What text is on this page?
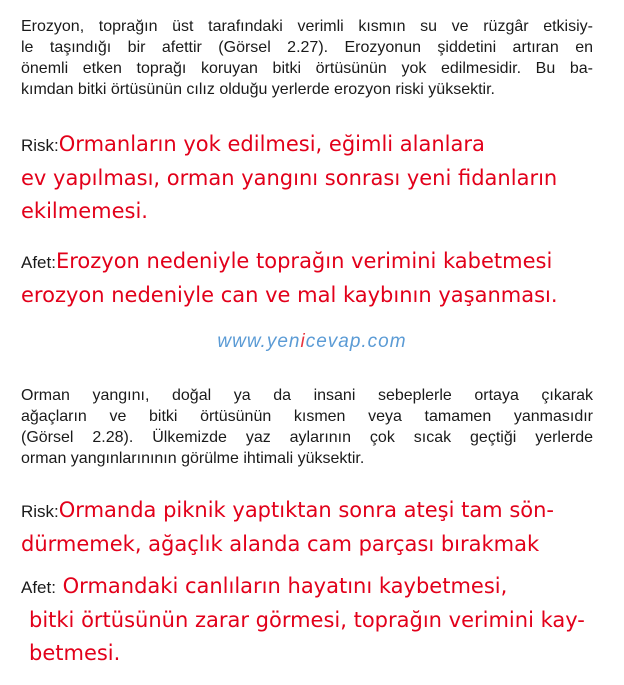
Erozyon, toprağın üst tarafındaki verimli kısmın su ve rüzgâr etkisiy-
le taşındığı bir afettir (Görsel 2.27). Erozyonun şiddetini artıran en
önemli etken toprağı koruyan bitki örtüsünün yok edilmesidir. Bu ba-
kımdan bitki örtüsünün cılız olduğu yerlerde erozyon riski yüksektir.
Risk:Ormanların yok edilmesi, eğimli alanlara
ev yapılması, orman yangını sonrası yeni fidanların
ekilmemesi.
Afet:Erozyon nedeniyle toprağın verimini kabetmesi
erozyon nedeniyle can ve mal kaybının yaşanması.
www.yenicevap.com
Orman yangını, doğal ya da insani sebeplerle ortaya çıkarak
ağaçların ve bitki örtüsünün kısmen veya tamamen yanmasıdır
(Görsel 2.28). Ülkemizde yaz aylarının çok sıcak geçtiği yerlerde
orman yangınlarınının görülme ihtimali yüksektir.
Risk:Ormanda piknik yaptıktan sonra ateşi tam sön-
dürmemek, ağaçlık alanda cam parçası bırakmak
Afet: Ormandaki canlıların hayatını kaybetmesi,
bitki örtüsünün zarar görmesi, toprağın verimini kay-
betmesi.
